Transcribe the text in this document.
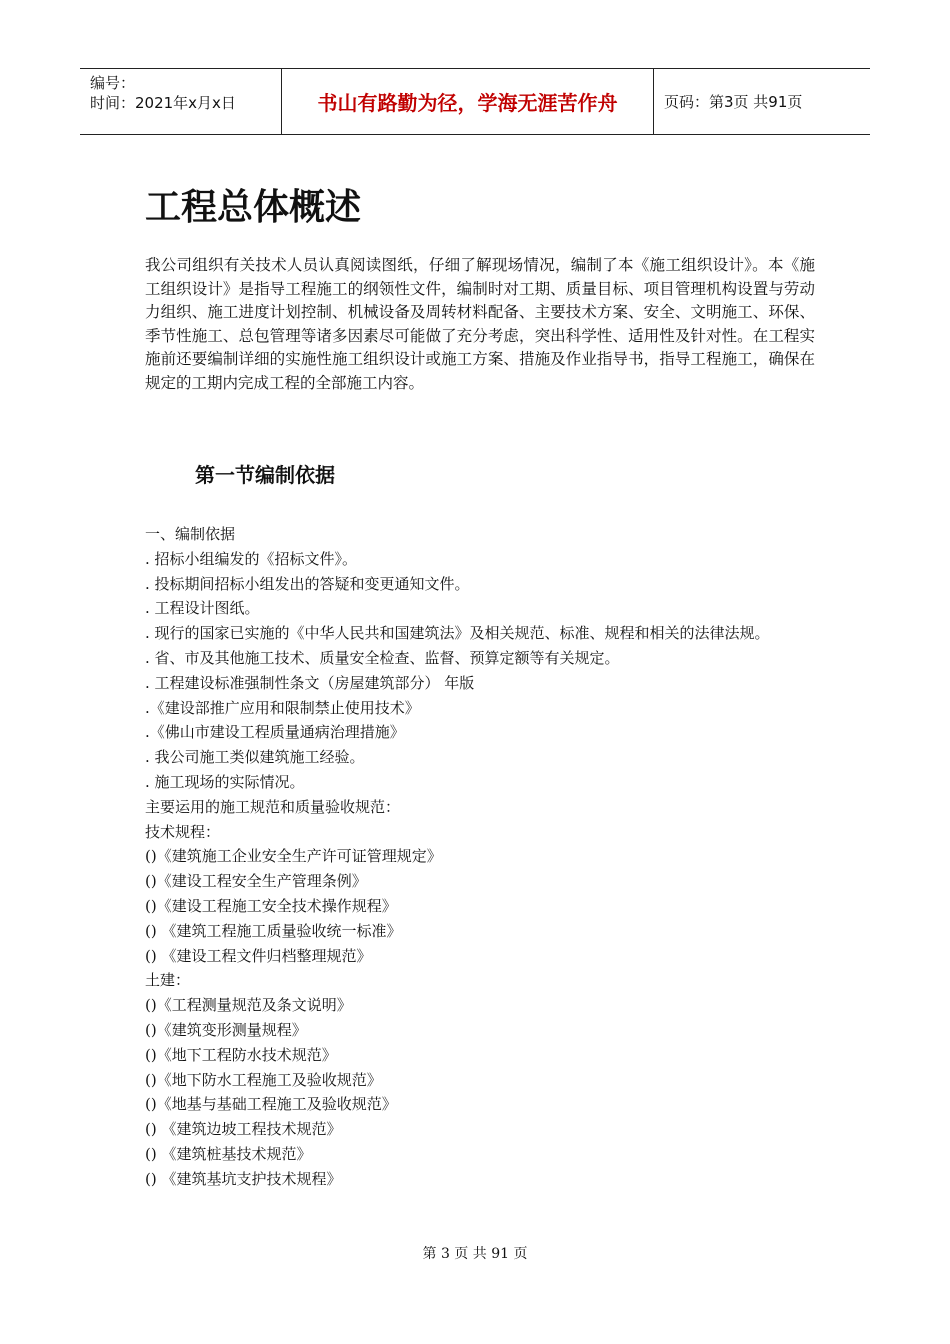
编号：
时间：2021年x月x日	书山有路勤为径，学海无涯苦作舟	页码：第3页 共91页
工程总体概述

我公司组织有关技术人员认真阅读图纸，仔细了解现场情况，编制了本《施工组织设计》。本《施工组织设计》是指导工程施工的纲领性文件，编制时对工期、质量目标、项目管理机构设置与劳动力组织、施工进度计划控制、机械设备及周转材料配备、主要技术方案、安全、文明施工、环保、季节性施工、总包管理等诸多因素尽可能做了充分考虑，突出科学性、适用性及针对性。在工程实施前还要编制详细的实施性施工组织设计或施工方案、措施及作业指导书，指导工程施工，确保在规定的工期内完成工程的全部施工内容。

第一节编制依据
一、编制依据
. 招标小组编发的《招标文件》。
. 投标期间招标小组发出的答疑和变更通知文件。
. 工程设计图纸。
. 现行的国家已实施的《中华人民共和国建筑法》及相关规范、标准、规程和相关的法律法规。
. 省、市及其他施工技术、质量安全检查、监督、预算定额等有关规定。
. 工程建设标准强制性条文（房屋建筑部分） 年版
.《建设部推广应用和限制禁止使用技术》
.《佛山市建设工程质量通病治理措施》
. 我公司施工类似建筑施工经验。
. 施工现场的实际情况。
主要运用的施工规范和质量验收规范：
技术规程：
()《建筑施工企业安全生产许可证管理规定》
()《建设工程安全生产管理条例》
()《建设工程施工安全技术操作规程》
() 《建筑工程施工质量验收统一标准》
() 《建设工程文件归档整理规范》
土建：
()《工程测量规范及条文说明》
()《建筑变形测量规程》
()《地下工程防水技术规范》
()《地下防水工程施工及验收规范》
()《地基与基础工程施工及验收规范》
() 《建筑边坡工程技术规范》
() 《建筑桩基技术规范》
() 《建筑基坑支护技术规程》
第 3 页 共 91 页
